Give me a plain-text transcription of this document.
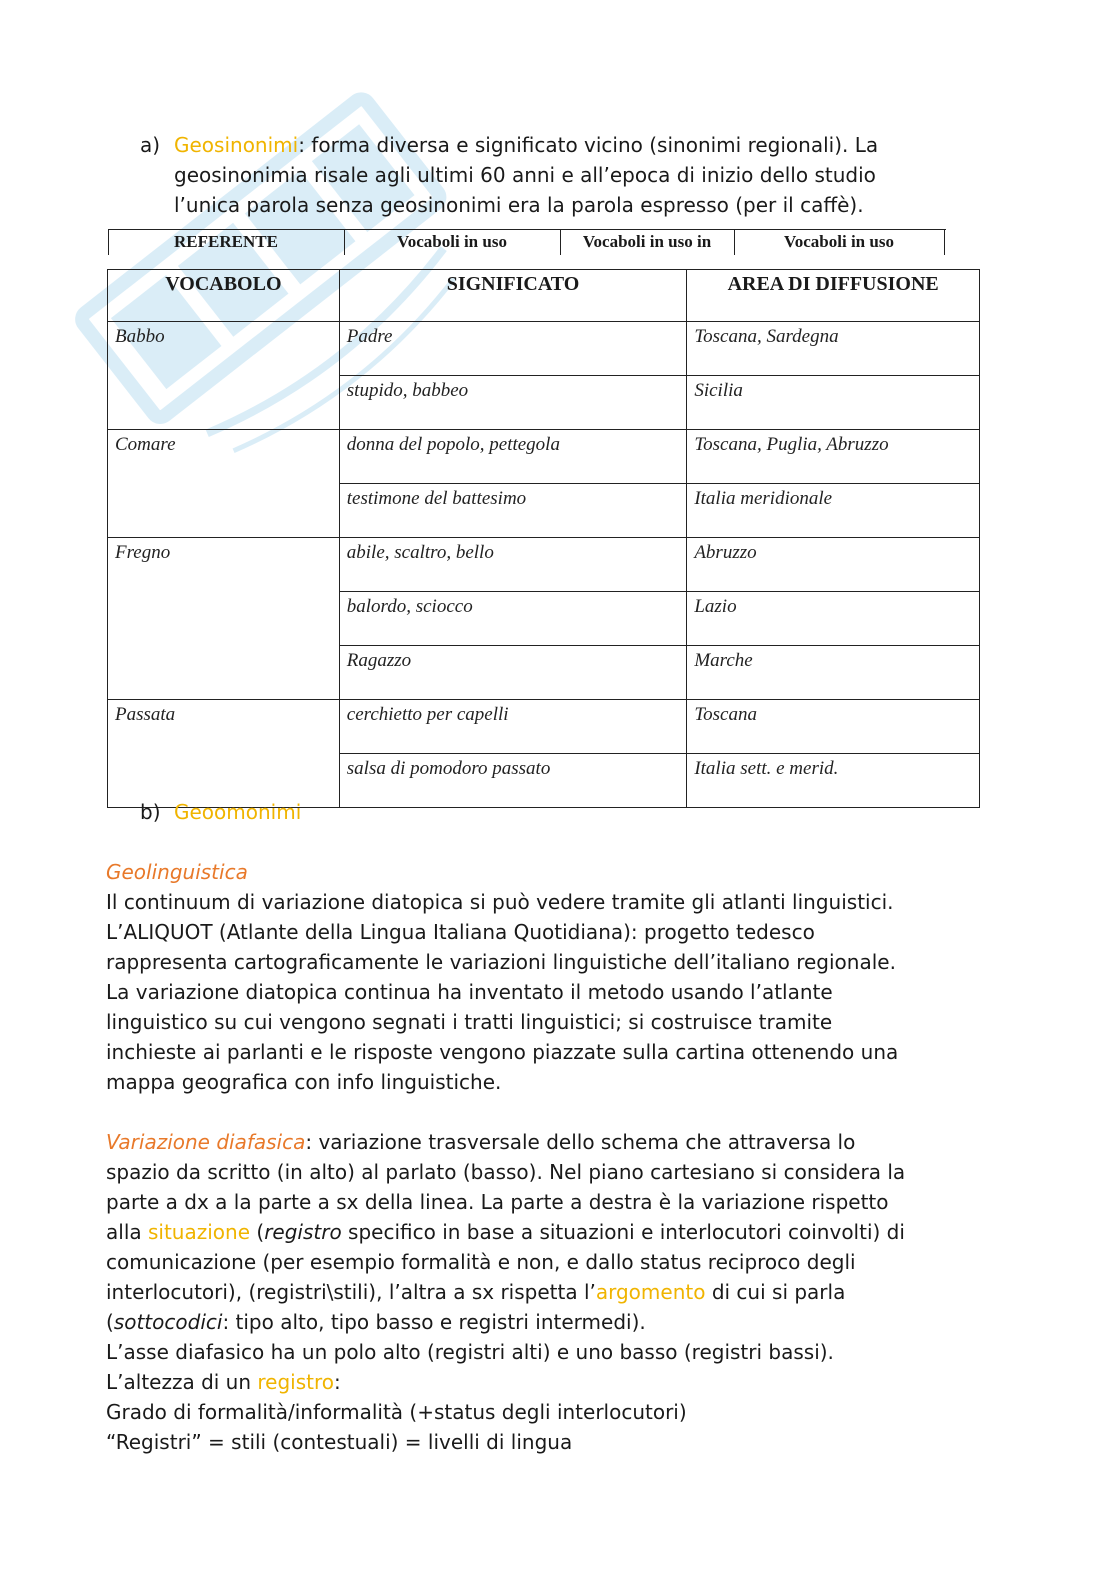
a) Geosinonimi: forma diversa e significato vicino (sinonimi regionali). La
geosinonimia risale agli ultimi 60 anni e all’epoca di inizio dello studio
l’unica parola senza geosinonimi era la parola espresso (per il caffè).
REFERENTE	Vocaboli in uso	Vocaboli in uso in	Vocaboli in uso
VOCABOLO	SIGNIFICATO	AREA DI DIFFUSIONE
Babbo	Padre	Toscana, Sardegna
	stupido, babbeo	Sicilia
Comare	donna del popolo, pettegola	Toscana, Puglia, Abruzzo
	testimone del battesimo	Italia meridionale
Fregno	abile, scaltro, bello	Abruzzo
	balordo, sciocco	Lazio
	Ragazzo	Marche
Passata	cerchietto per capelli	Toscana
	salsa di pomodoro passato	Italia sett. e merid.
b) Geoomonimi

Geolinguistica

Il continuum di variazione diatopica si può vedere tramite gli atlanti linguistici.

L’ALIQUOT (Atlante della Lingua Italiana Quotidiana): progetto tedesco

rappresenta cartograficamente le variazioni linguistiche dell’italiano regionale.

La variazione diatopica continua ha inventato il metodo usando l’atlante

linguistico su cui vengono segnati i tratti linguistici; si costruisce tramite

inchieste ai parlanti e le risposte vengono piazzate sulla cartina ottenendo una

mappa geografica con info linguistiche.

Variazione diafasica: variazione trasversale dello schema che attraversa lo

spazio da scritto (in alto) al parlato (basso). Nel piano cartesiano si considera la

parte a dx a la parte a sx della linea. La parte a destra è la variazione rispetto

alla situazione (registro specifico in base a situazioni e interlocutori coinvolti) di

comunicazione (per esempio formalità e non, e dallo status reciproco degli

interlocutori), (registri\stili), l’altra a sx rispetta l’argomento di cui si parla

(sottocodici: tipo alto, tipo basso e registri intermedi).

L’asse diafasico ha un polo alto (registri alti) e uno basso (registri bassi).

L’altezza di un registro:

Grado di formalità/informalità (+status degli interlocutori)

“Registri” = stili (contestuali) = livelli di lingua
